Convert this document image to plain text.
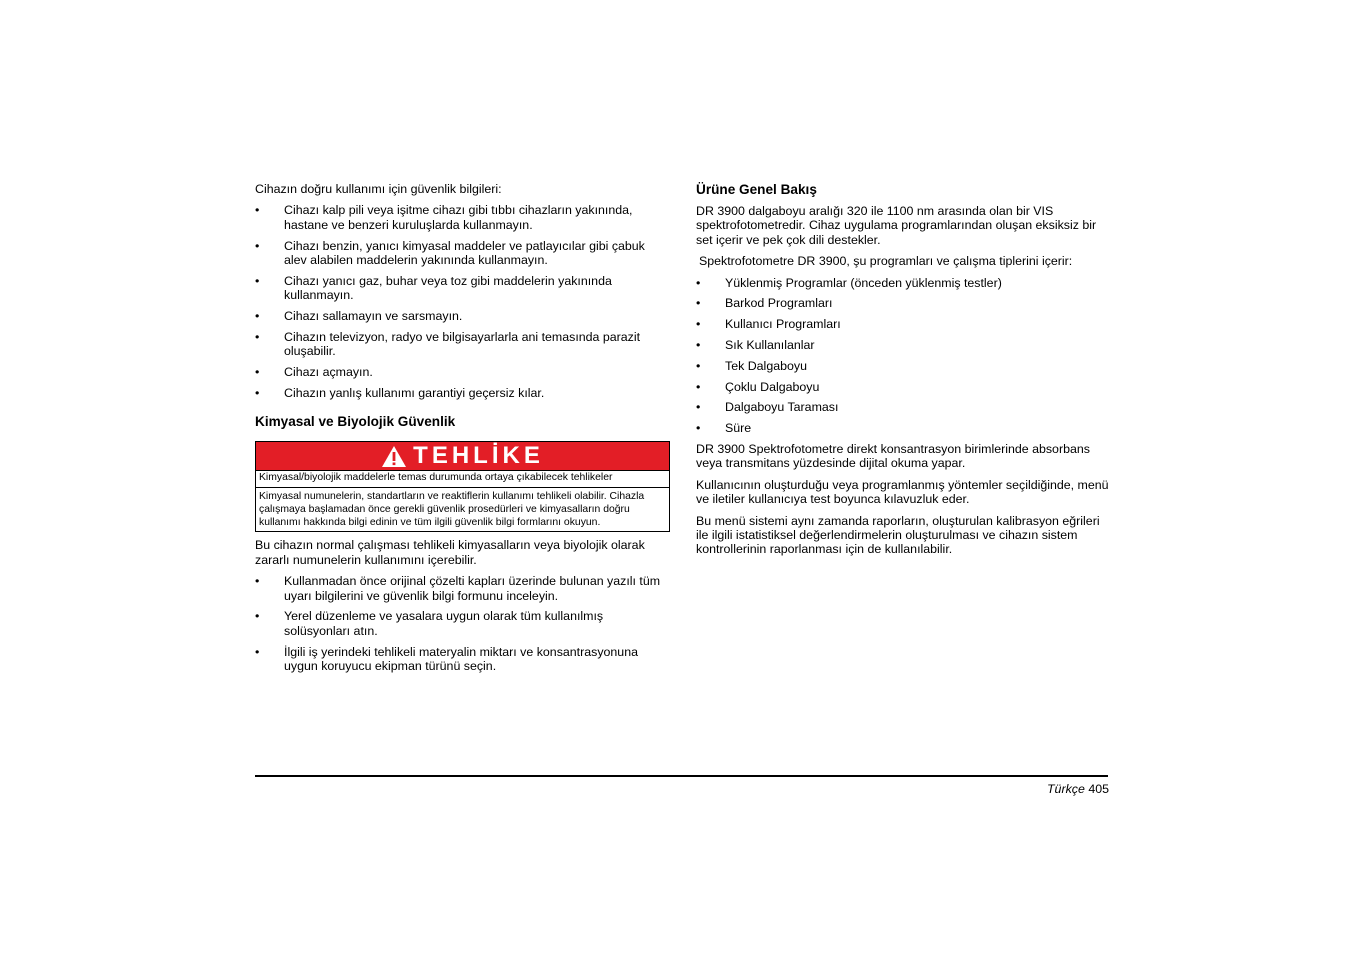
Cihazın doğru kullanımı için güvenlik bilgileri:

• Cihazı kalp pili veya işitme cihazı gibi tıbbı cihazların yakınında, hastane ve benzeri kuruluşlarda kullanmayın.
• Cihazı benzin, yanıcı kimyasal maddeler ve patlayıcılar gibi çabuk alev alabilen maddelerin yakınında kullanmayın.
• Cihazı yanıcı gaz, buhar veya toz gibi maddelerin yakınında kullanmayın.
• Cihazı sallamayın ve sarsmayın.
• Cihazın televizyon, radyo ve bilgisayarlarla ani temasında parazit oluşabilir.
• Cihazı açmayın.
• Cihazın yanlış kullanımı garantiyi geçersiz kılar.
Kimyasal ve Biyolojik Güvenlik
TEHLİKE

Kimyasal/biyolojik maddelerle temas durumunda ortaya çıkabilecek tehlikeler

Kimyasal numunelerin, standartların ve reaktiflerin kullanımı tehlikeli olabilir. Cihazla çalışmaya başlamadan önce gerekli güvenlik prosedürleri ve kimyasalların doğru kullanımı hakkında bilgi edinin ve tüm ilgili güvenlik bilgi formlarını okuyun.

Bu cihazın normal çalışması tehlikeli kimyasalların veya biyolojik olarak zararlı numunelerin kullanımını içerebilir.

• Kullanmadan önce orijinal çözelti kapları üzerinde bulunan yazılı tüm uyarı bilgilerini ve güvenlik bilgi formunu inceleyin.
• Yerel düzenleme ve yasalara uygun olarak tüm kullanılmış solüsyonları atın.
• İlgili iş yerindeki tehlikeli materyalin miktarı ve konsantrasyonuna uygun koruyucu ekipman türünü seçin.
Ürüne Genel Bakış

DR 3900 dalgaboyu aralığı 320 ile 1100 nm arasında olan bir VIS spektrofotometredir. Cihaz uygulama programlarından oluşan eksiksiz bir set içerir ve pek çok dili destekler.

Spektrofotometre DR 3900, şu programları ve çalışma tiplerini içerir:

• Yüklenmiş Programlar (önceden yüklenmiş testler)
• Barkod Programları
• Kullanıcı Programları
• Sık Kullanılanlar
• Tek Dalgaboyu
• Çoklu Dalgaboyu
• Dalgaboyu Taraması
• Süre

DR 3900 Spektrofotometre direkt konsantrasyon birimlerinde absorbans veya transmitans yüzdesinde dijital okuma yapar.

Kullanıcının oluşturduğu veya programlanmış yöntemler seçildiğinde, menü ve iletiler kullanıcıya test boyunca kılavuzluk eder.

Bu menü sistemi aynı zamanda raporların, oluşturulan kalibrasyon eğrileri ile ilgili istatistiksel değerlendirmelerin oluşturulması ve cihazın sistem kontrollerinin raporlanması için de kullanılabilir.

Türkçe 405
